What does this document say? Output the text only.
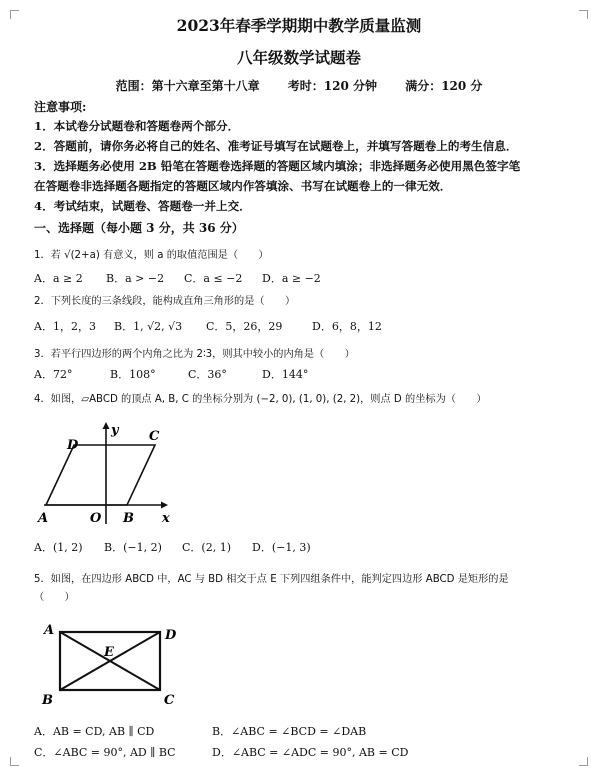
2023年春季学期期中教学质量监测
八年级数学试题卷
范围：第十六章至第十八章 考时：120 分钟 满分：120 分
注意事项:
1．本试卷分试题卷和答题卷两个部分．
2．答题前，请你务必将自己的姓名、准考证号填写在试题卷上，并填写答题卷上的考生信息．
3．选择题务必使用 2B 铅笔在答题卷选择题的答题区域内填涂；非选择题务必使用黑色签字笔
在答题卷非选择题各题指定的答题区域内作答填涂、书写在试题卷上的一律无效．
4．考试结束，试题卷、答题卷一并上交．
一、选择题（每小题 3 分，共 36 分）
1．若 √(2+a) 有意义，则 a 的取值范围是（　　）
A．a ≥ 2	B．a > −2	C．a ≤ −2	D．a ≥ −2
2．下列长度的三条线段，能构成直角三角形的是（　　）
A．1，2，3	B．1, √2, √3	C．5，26，29	D．6，8，12
3．若平行四边形的两个内角之比为 2∶3，则其中较小的内角是（　　）
A．72°	B．108°	C．36°	D．144°
4．如图，▱ABCD 的顶点 A, B, C 的坐标分别为 (−2, 0), (1, 0), (2, 2)，则点 D 的坐标为（　　）
D
y C
A	O B x
A．(1, 2)	B．(−1, 2)	C．(2, 1)	D．(−1, 3)
5．如图，在四边形 ABCD 中，AC 与 BD 相交于点 E 下列四组条件中，能判定四边形 ABCD 是矩形的是
（　　）
A	D
E
B	C
A．AB = CD, AB ∥ CD	B．∠ABC = ∠BCD = ∠DAB
C．∠ABC = 90°, AD ∥ BC	D．∠ABC = ∠ADC = 90°, AB = CD
